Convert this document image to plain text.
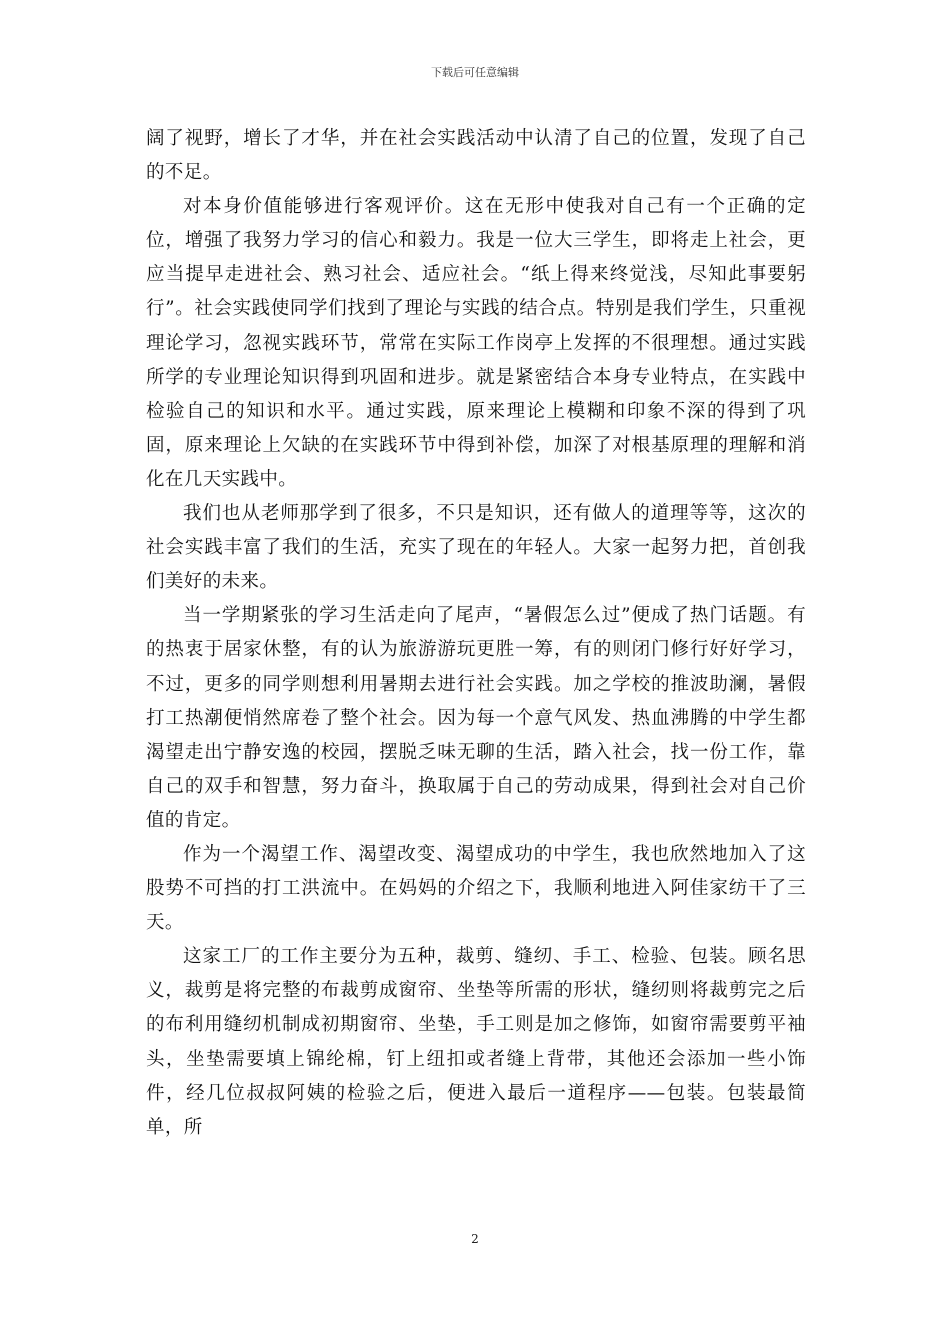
下载后可任意编辑

阔了视野，增长了才华，并在社会实践活动中认清了自己的位置，发现了自己的不足。

对本身价值能够进行客观评价。这在无形中使我对自己有一个正确的定位，增强了我努力学习的信心和毅力。我是一位大三学生，即将走上社会，更应当提早走进社会、熟习社会、适应社会。“纸上得来终觉浅，尽知此事要躬行”。社会实践使同学们找到了理论与实践的结合点。特别是我们学生，只重视理论学习，忽视实践环节，常常在实际工作岗亭上发挥的不很理想。通过实践所学的专业理论知识得到巩固和进步。就是紧密结合本身专业特点，在实践中检验自己的知识和水平。通过实践，原来理论上模糊和印象不深的得到了巩固，原来理论上欠缺的在实践环节中得到补偿，加深了对根基原理的理解和消化在几天实践中。

我们也从老师那学到了很多，不只是知识，还有做人的道理等等，这次的社会实践丰富了我们的生活，充实了现在的年轻人。大家一起努力把，首创我们美好的未来。

当一学期紧张的学习生活走向了尾声，“暑假怎么过”便成了热门话题。有的热衷于居家休整，有的认为旅游游玩更胜一筹，有的则闭门修行好好学习，不过，更多的同学则想利用暑期去进行社会实践。加之学校的推波助澜，暑假打工热潮便悄然席卷了整个社会。因为每一个意气风发、热血沸腾的中学生都渴望走出宁静安逸的校园，摆脱乏味无聊的生活，踏入社会，找一份工作，靠自己的双手和智慧，努力奋斗，换取属于自己的劳动成果，得到社会对自己价值的肯定。

作为一个渴望工作、渴望改变、渴望成功的中学生，我也欣然地加入了这股势不可挡的打工洪流中。在妈妈的介绍之下，我顺利地进入阿佳家纺干了三天。

这家工厂的工作主要分为五种，裁剪、缝纫、手工、检验、包装。顾名思义，裁剪是将完整的布裁剪成窗帘、坐垫等所需的形状，缝纫则将裁剪完之后的布利用缝纫机制成初期窗帘、坐垫，手工则是加之修饰，如窗帘需要剪平袖头，坐垫需要填上锦纶棉，钉上纽扣或者缝上背带，其他还会添加一些小饰件，经几位叔叔阿姨的检验之后，便进入最后一道程序——包装。包装最简单，所

2
